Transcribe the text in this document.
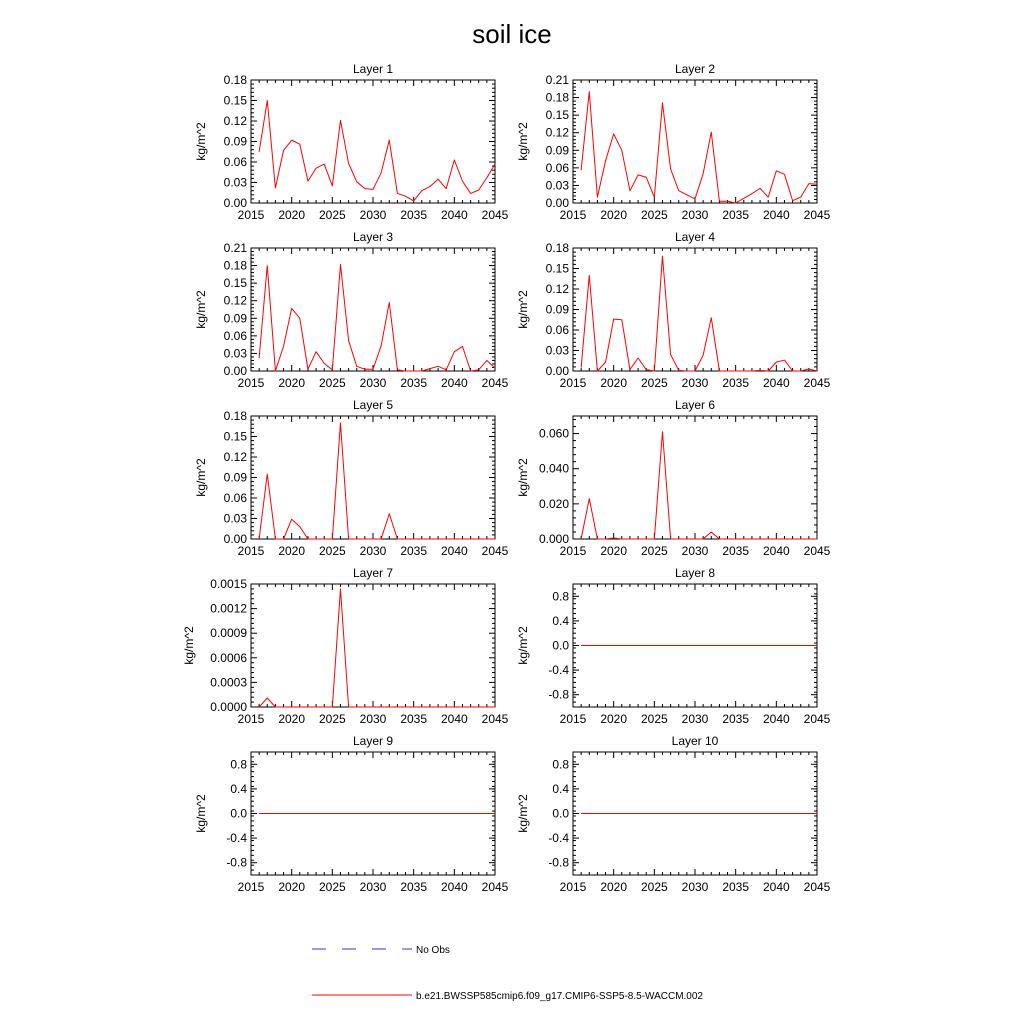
soil ice
Layer 1
2015 2020 2025 2030 2035 2040 2045
0.00
0.03
0.06
0.09
0.12
0.15
0.18
kg/m^2
Layer 2
2015 2020 2025 2030 2035 2040 2045
0.00
0.03
0.06
0.09
0.12
0.15
0.18
0.21
kg/m^2
Layer 3
2015 2020 2025 2030 2035 2040 2045
0.00
0.03
0.06
0.09
0.12
0.15
0.18
0.21
kg/m^2
Layer 4
2015 2020 2025 2030 2035 2040 2045
0.00
0.03
0.06
0.09
0.12
0.15
0.18
kg/m^2
Layer 5
2015 2020 2025 2030 2035 2040 2045
0.00
0.03
0.06
0.09
0.12
0.15
0.18
kg/m^2
Layer 6
2015 2020 2025 2030 2035 2040 2045
0.000
0.020
0.040
0.060
kg/m^2
Layer 7
2015 2020 2025 2030 2035 2040 2045
0.0000
0.0003
0.0006
0.0009
0.0012
0.0015
kg/m^2
Layer 8
2015 2020 2025 2030 2035 2040 2045
-0.8
-0.4
0.0
0.4
0.8
kg/m^2
Layer 9
2015 2020 2025 2030 2035 2040 2045
-0.8
-0.4
0.0
0.4
0.8
kg/m^2
Layer 10
2015 2020 2025 2030 2035 2040 2045
-0.8
-0.4
0.0
0.4
0.8
kg/m^2
No Obs
b.e21.BWSSP585cmip6.f09_g17.CMIP6-SSP5-8.5-WACCM.002
